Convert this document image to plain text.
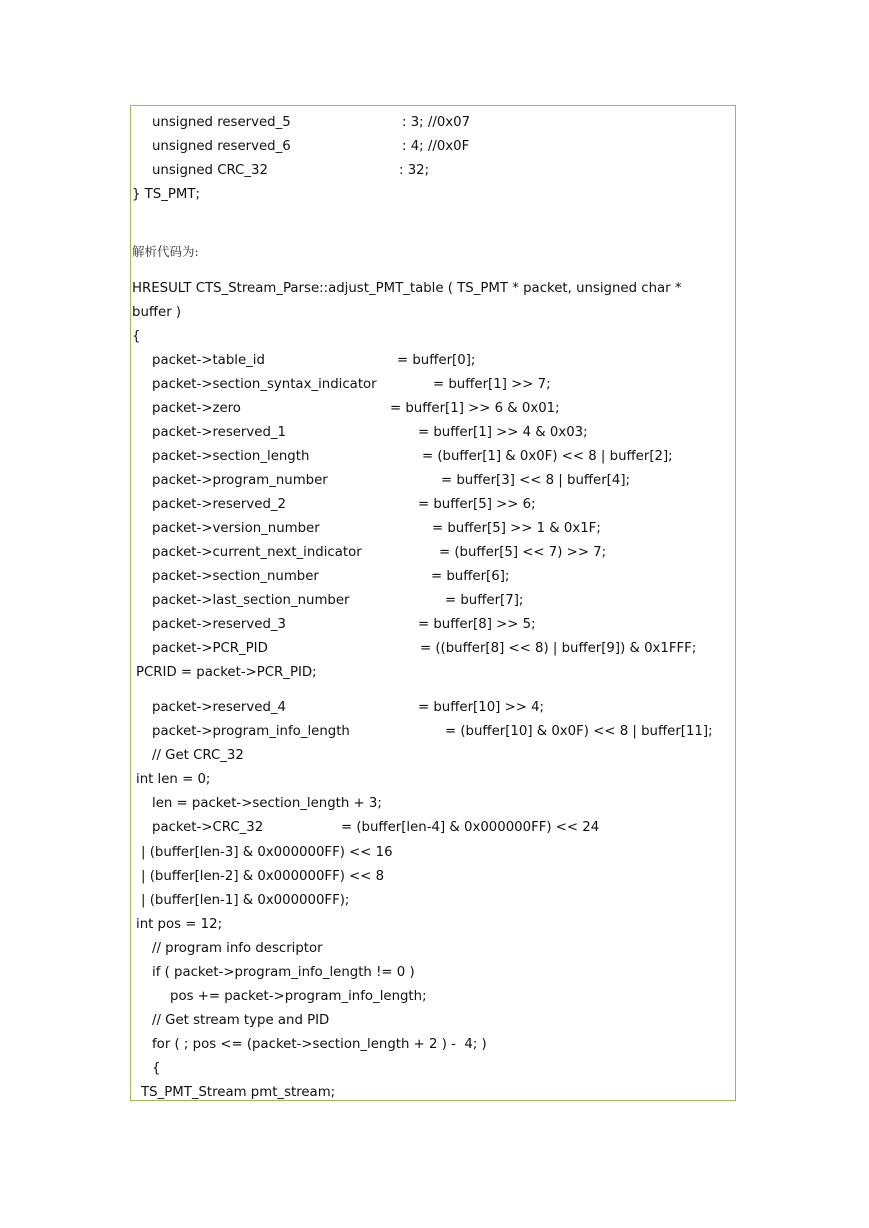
unsigned reserved_5

	: 3; //0x07

unsigned reserved_6

	: 4; //0x0F

unsigned CRC_32

	: 32;

} TS_PMT;

解析代码为:

HRESULT CTS_Stream_Parse::adjust_PMT_table ( TS_PMT * packet, unsigned char *

buffer )

{

packet->table_id

	= buffer[0];

packet->section_syntax_indicator

	= buffer[1] >> 7;

packet->zero

	= buffer[1] >> 6 & 0x01;

packet->reserved_1

	= buffer[1] >> 4 & 0x03;

packet->section_length

	= (buffer[1] & 0x0F) << 8 | buffer[2];

packet->program_number

	= buffer[3] << 8 | buffer[4];

packet->reserved_2

	= buffer[5] >> 6;

packet->version_number

	= buffer[5] >> 1 & 0x1F;

packet->current_next_indicator

	= (buffer[5] << 7) >> 7;

packet->section_number

	= buffer[6];

packet->last_section_number

	= buffer[7];

packet->reserved_3

	= buffer[8] >> 5;

packet->PCR_PID

	= ((buffer[8] << 8) | buffer[9]) & 0x1FFF;

PCRID = packet->PCR_PID;

packet->reserved_4

	= buffer[10] >> 4;

packet->program_info_length

	= (buffer[10] & 0x0F) << 8 | buffer[11];

// Get CRC_32

int len = 0;

len = packet->section_length + 3;

packet->CRC_32

	= (buffer[len-4] & 0x000000FF) << 24

| (buffer[len-3] & 0x000000FF) << 16

| (buffer[len-2] & 0x000000FF) << 8

| (buffer[len-1] & 0x000000FF);

int pos = 12;

// program info descriptor

if ( packet->program_info_length != 0 )

pos += packet->program_info_length;

// Get stream type and PID

for ( ; pos <= (packet->section_length + 2 ) -  4; )

{

TS_PMT_Stream pmt_stream;
